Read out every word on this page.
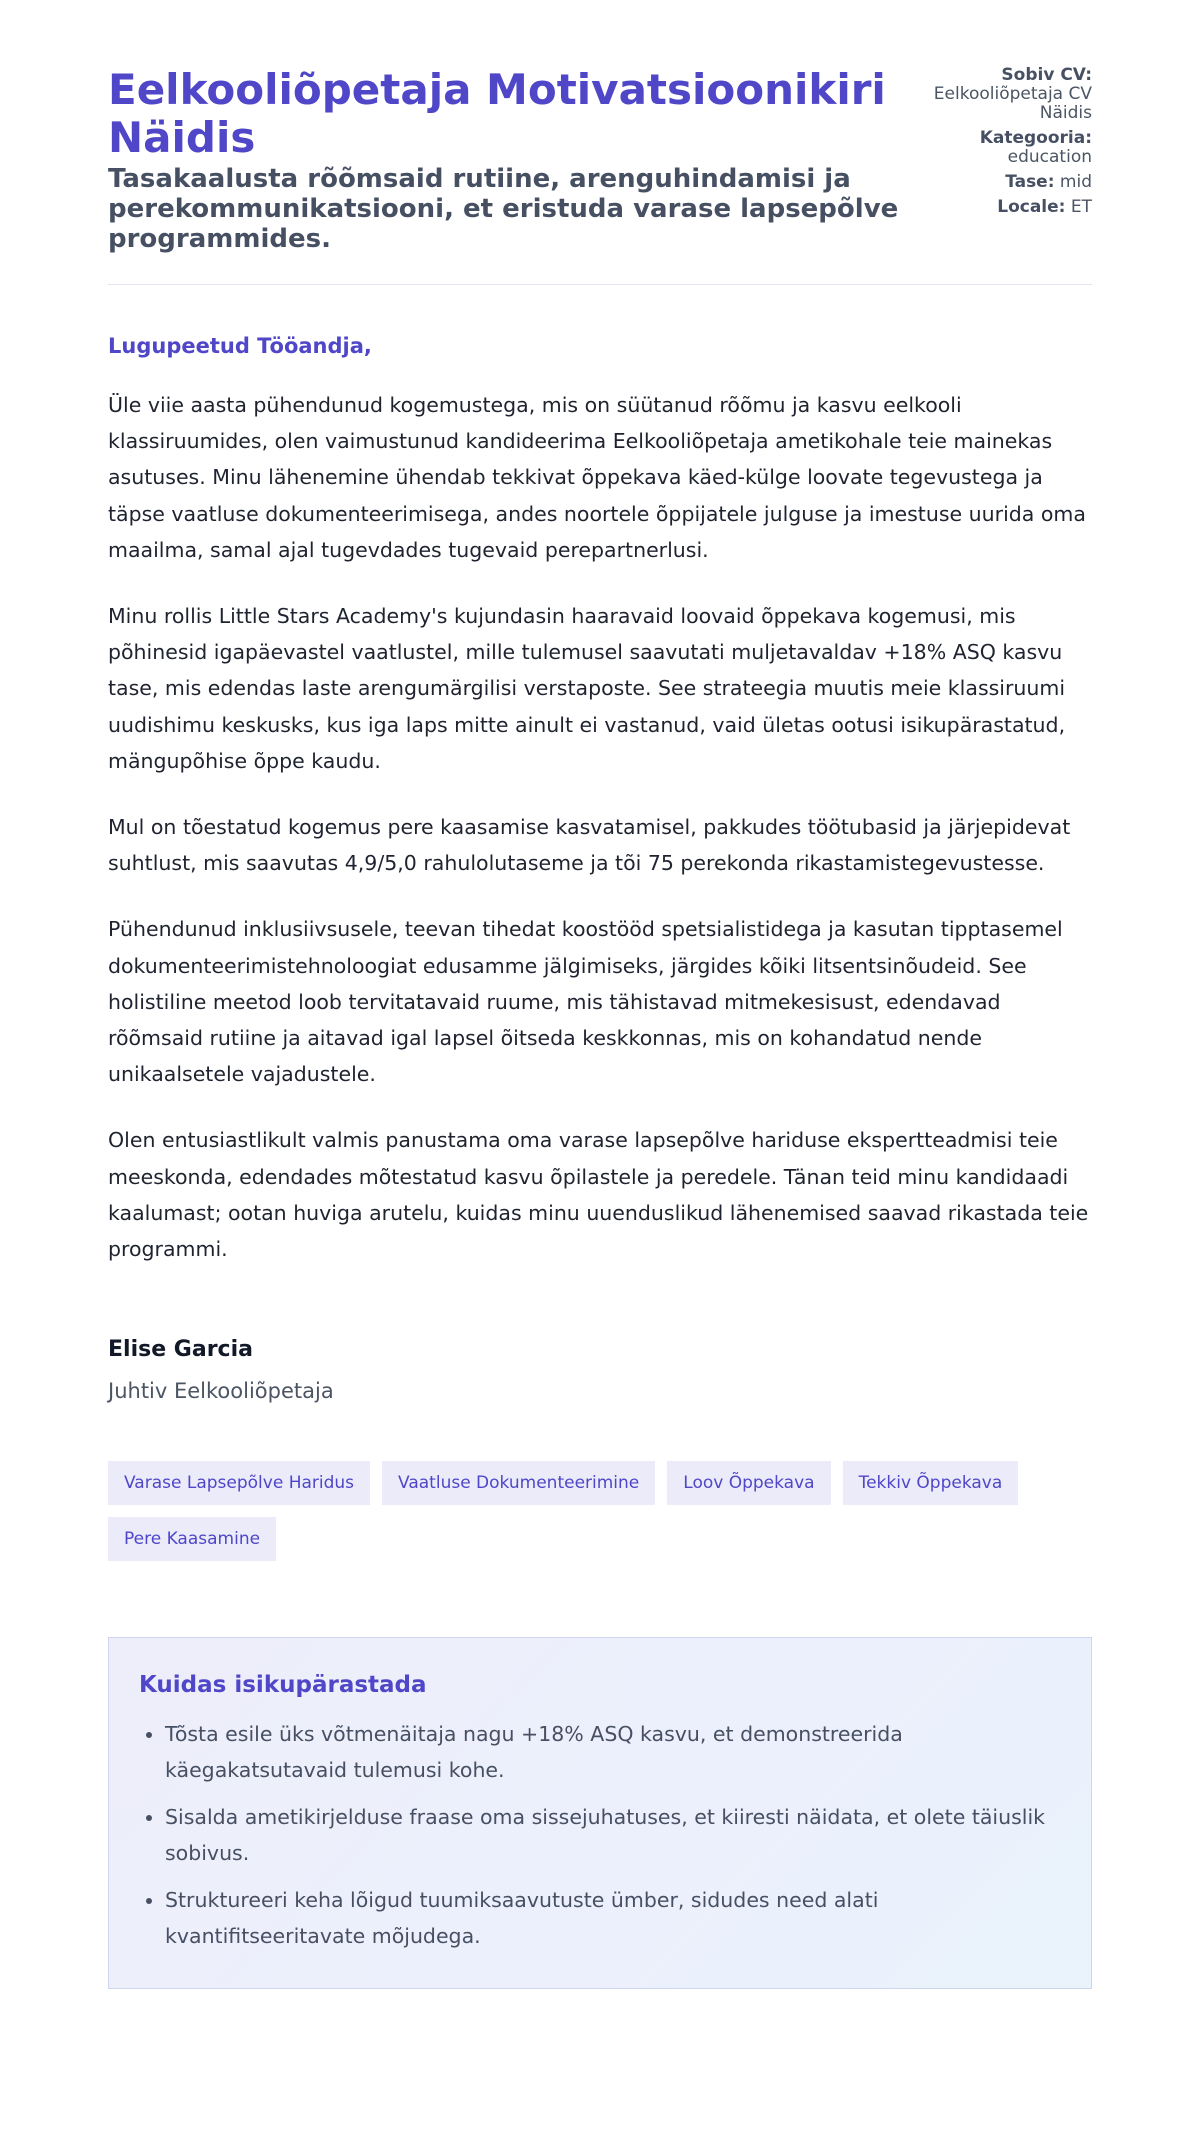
Eelkooliõpetaja Motivatsioonikiri Näidis
Tasakaalusta rõõmsaid rutiine, arenguhindamisi ja perekommunikatsiooni, et eristuda varase lapsepõlve programmides.
Sobiv CV:
Eelkooliõpetaja CV Näidis
Kategooria:
education
Tase: mid
Locale: ET

Lugupeetud Tööandja,

Üle viie aasta pühendunud kogemustega, mis on süütanud rõõmu ja kasvu eelkooli klassiruumides, olen vaimustunud kandideerima Eelkooliõpetaja ametikohale teie mainekas asutuses. Minu lähenemine ühendab tekkivat õppekava käed-külge loovate tegevustega ja täpse vaatluse dokumenteerimisega, andes noortele õppijatele julguse ja imestuse uurida oma maailma, samal ajal tugevdades tugevaid perepartnerlusi.

Minu rollis Little Stars Academy's kujundasin haaravaid loovaid õppekava kogemusi, mis põhinesid igapäevastel vaatlustel, mille tulemusel saavutati muljetavaldav +18% ASQ kasvu tase, mis edendas laste arengumärgilisi verstaposte. See strateegia muutis meie klassiruumi uudishimu keskusks, kus iga laps mitte ainult ei vastanud, vaid ületas ootusi isikupärastatud, mängupõhise õppe kaudu.

Mul on tõestatud kogemus pere kaasamise kasvatamisel, pakkudes töötubasid ja järjepidevat suhtlust, mis saavutas 4,9/5,0 rahulolutaseme ja tõi 75 perekonda rikastamistegevustesse.

Pühendunud inklusiivsusele, teevan tihedat koostööd spetsialistidega ja kasutan tipptasemel dokumenteerimistehnoloogiat edusamme jälgimiseks, järgides kõiki litsentsinõudeid. See holistiline meetod loob tervitatavaid ruume, mis tähistavad mitmekesisust, edendavad rõõmsaid rutiine ja aitavad igal lapsel õitseda keskkonnas, mis on kohandatud nende unikaalsetele vajadustele.

Olen entusiastlikult valmis panustama oma varase lapsepõlve hariduse ekspertteadmisi teie meeskonda, edendades mõtestatud kasvu õpilastele ja peredele. Tänan teid minu kandidaadi kaalumast; ootan huviga arutelu, kuidas minu uuenduslikud lähenemised saavad rikastada teie programmi.

Elise Garcia
Juhtiv Eelkooliõpetaja
Varase Lapsepõlve Haridus	Vaatluse Dokumenteerimine	Loov Õppekava	Tekkiv Õppekava
Pere Kaasamine
Kuidas isikupärastada
• Tõsta esile üks võtmenäitaja nagu +18% ASQ kasvu, et demonstreerida käegakatsutavaid tulemusi kohe.
• Sisalda ametikirjelduse fraase oma sissejuhatuses, et kiiresti näidata, et olete täiuslik sobivus.
• Struktureeri keha lõigud tuumiksaavutuste ümber, sidudes need alati kvantifitseeritavate mõjudega.
